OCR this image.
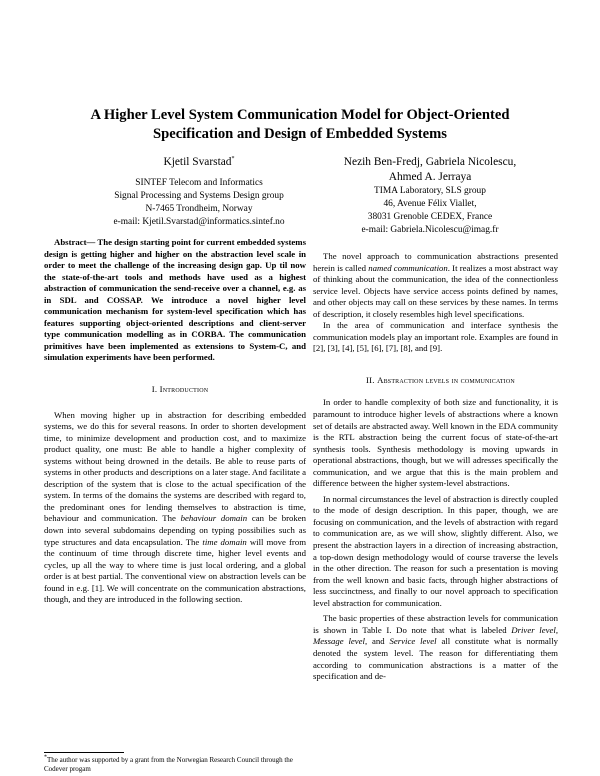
A Higher Level System Communication Model for Object-Oriented
Specification and Design of Embedded Systems
Kjetil Svarstad*
SINTEF Telecom and Informatics
Signal Processing and Systems Design group
N-7465 Trondheim, Norway
e-mail: Kjetil.Svarstad@informatics.sintef.no
Nezih Ben-Fredj, Gabriela Nicolescu,
Ahmed A. Jerraya
TIMA Laboratory, SLS group
46, Avenue Félix Viallet,
38031 Grenoble CEDEX, France
e-mail: Gabriela.Nicolescu@imag.fr

Abstract— The design starting point for current embedded systems design is getting higher and higher on the abstraction level scale in order to meet the challenge of the increasing design gap. Up til now the state-of-the-art tools and methods have used as a highest abstraction of communication the send-receive over a channel, e.g. as in SDL and COSSAP. We introduce a novel higher level communication mechanism for system-level specification which has features supporting object-oriented descriptions and client-server type communication modelling as in CORBA. The communication primitives have been implemented as extensions to System-C, and simulation experiments have been performed.

I. Introduction

When moving higher up in abstraction for describing embedded systems, we do this for several reasons. In order to shorten development time, to minimize development and production cost, and to maximize product quality, one must: Be able to handle a higher complexity of systems without being drowned in the details. Be able to reuse parts of systems in other products and descriptions on a later stage. And facilitate a description of the system that is close to the actual specification of the system. In terms of the domains the systems are described with regard to, the predominant ones for lending themselves to abstraction is time, behaviour and communication. The behaviour domain can be broken down into several subdomains depending on typing possibilies such as type structures and data encapsulation. The time domain will move from the continuum of time through discrete time, higher level events and cycles, up all the way to where time is just local ordering, and a global order is at best partial. The conventional view on abstraction levels can be found in e.g. [1]. We will concentrate on the communication abstractions, though, and they are introduced in the following section.

*The author was supported by a grant from the Norwegian Research Council through the Codever progam

The novel approach to communication abstractions presented herein is called named communication. It realizes a most abstract way of thinking about the communication, the idea of the connectionless service level. Objects have service access points defined by names, and other objects may call on these services by these names. In terms of description, it closely resembles high level specifications.

In the area of communication and interface synthesis the communication models play an important role. Examples are found in [2], [3], [4], [5], [6], [7], [8], and [9].

II. Abstraction levels in communication

In order to handle complexity of both size and functionality, it is paramount to introduce higher levels of abstractions where a known set of details are abstracted away. Well known in the EDA community is the RTL abstraction being the current focus of state-of-the-art synthesis tools. Synthesis methodology is moving upwards in operational abstractions, though, but we will adresses specifically the communication, and we argue that this is the main problem and difference between the higher system-level abstractions.

In normal circumstances the level of abstraction is directly coupled to the mode of design description. In this paper, though, we are focusing on communication, and the levels of abstraction with regard to communication are, as we will show, slightly different. Also, we present the abstraction layers in a direction of increasing abstraction, a top-down design methodology would of course traverse the levels in the other direction. The reason for such a presentation is moving from the well known and basic facts, through higher abstractions of less succinctness, and finally to our novel approach to specification level abstraction for communication.

The basic properties of these abstraction levels for communication is shown in Table I. Do note that what is labeled Driver level, Message level, and Service level all constitute what is normally denoted the system level. The reason for differentiating them according to communication abstractions is a matter of the specification and de-
